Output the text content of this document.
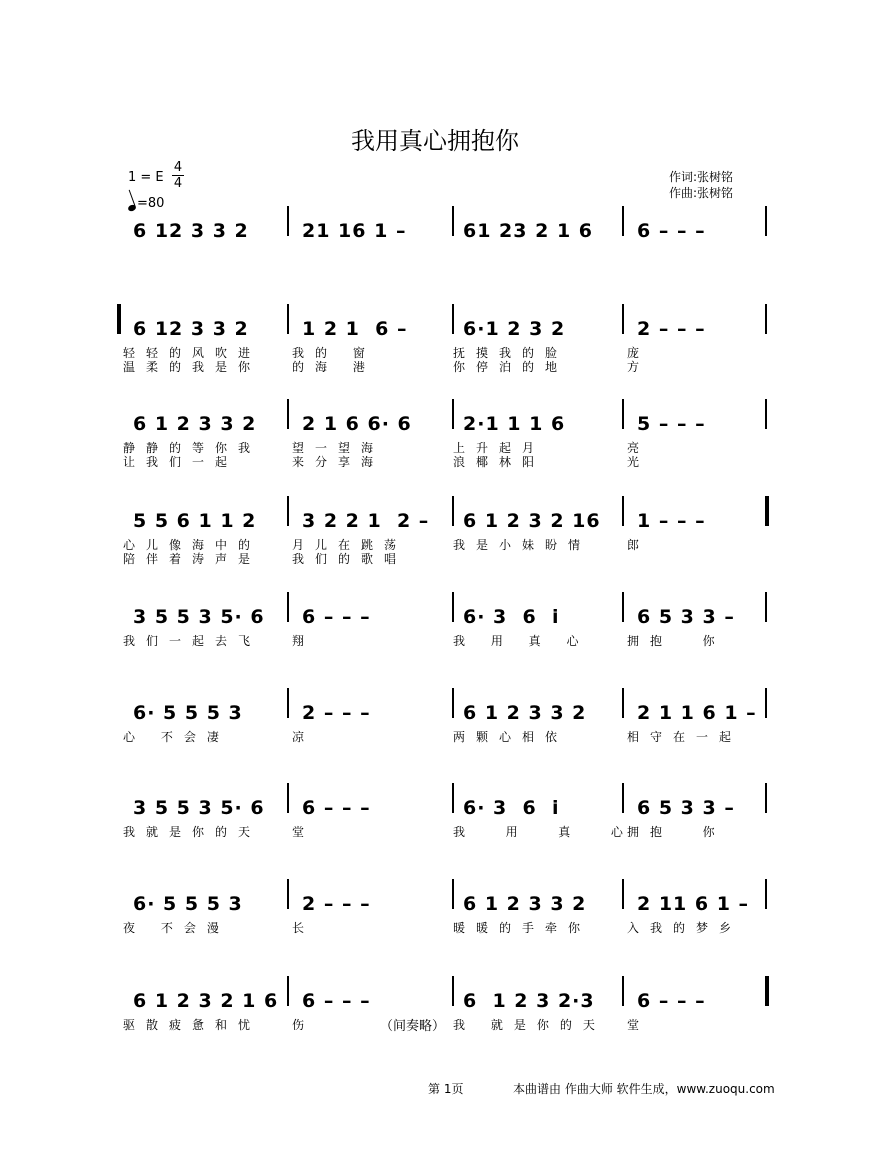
我用真心拥抱你
1 = E
4
4
=80
作词:张树铭
作曲:张树铭
6 12 3 3 2	21 16 1 –	61 23 2 1 6 6 – – –
6 12 3 3 2	1 2 1  6 –	6·1 2 3 2	2 – – –
轻轻的风吹进	我的 窗	抚摸我的脸	庞
温柔的我是你	的海 港	你停泊的地	方
6 1 2 3 3 2 2 1 6 6· 6	2·1 1 1 6	5 – – –
静静的等你我	望一望海	上升起月	亮
让我们一起	来分享海	浪椰林阳	光
5 5 6 1 1 2 3 2 2 1  2 – 6 1 2 3 2 16 1 – – –
心儿像海中的	月儿在跳荡	我是小妹盼情	郎
陪伴着涛声是	我们的歌唱
3 5 5 3 5· 6 6 – – –	6· 3  6  i	6 5 3 3 –
我们一起去飞	翔	我 用 真 心	拥抱  你
6· 5 5 5 3	2 – – –	6 1 2 3 3 2	2 1 1 6 1 –
心 不会凄	凉	两颗心相依	相守在一起
3 5 5 3 5· 6 6 – – –	6· 3  6  i	6 5 3 3 –
我就是你的天	堂	我  用  真  心
拥抱  你
6· 5 5 5 3	2 – – –	6 1 2 3 3 2	2 11 6 1 –
夜 不会漫	长	暖暖的手牵你	入我的梦乡
6 1 2 3 2 1 6 6 – – –	6  1 2 3 2·3 6 – – –
驱散疲惫和忧	伤	我 就是你的天 堂
（间奏略）
第 1页	本曲谱由 作曲大师 软件生成，www.zuoqu.com
